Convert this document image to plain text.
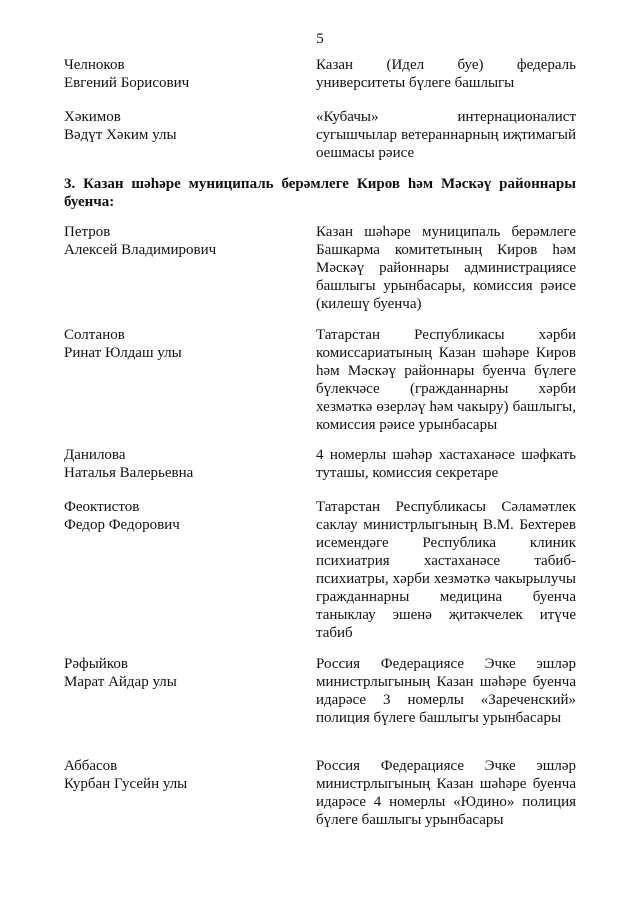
5
Челноков
Евгений Борисович
Казан (Идел буе) федераль университеты бүлеге башлыгы
Хәкимов
Вәдүт Хәким улы
«Кубачы» интернационалист сугышчылар ветераннарның иҗтимагый оешмасы рәисе
3. Казан шәһәре муниципаль берәмлеге Киров һәм Мәскәү районнары буенча:
Петров
Алексей Владимирович
Казан шәһәре муниципаль берәмлеге Башкарма комитетының Киров һәм Мәскәү районнары администрациясе башлыгы урынбасары, комиссия рәисе (килешү буенча)
Солтанов
Ринат Юлдаш улы
Татарстан Республикасы хәрби комиссариатының Казан шәһәре Киров һәм Мәскәү районнары буенча бүлеге бүлекчәсе (гражданнарны хәрби хезмәткә өзерләү һәм чакыру) башлыгы, комиссия рәисе урынбасары
Данилова
Наталья Валерьевна
4 номерлы шәһәр хастаханәсе шәфкать туташы, комиссия секретаре
Феоктистов
Федор Федорович
Татарстан Республикасы Сәламәтлек саклау министрлыгының В.М. Бехтерев исемендәге Республика клиник психиатрия хастаханәсе табиб-психиатры, хәрби хезмәткә чакырылучы гражданнарны медицина буенча таныклау эшенә җитәкчелек итүче табиб
Рәфыйков
Марат Айдар улы
Россия Федерациясе Эчке эшләр министрлыгының Казан шәһәре буенча идарәсе 3 номерлы «Зареченский» полиция бүлеге башлыгы урынбасары
Аббасов
Курбан Гусейн улы
Россия Федерациясе Эчке эшләр министрлыгының Казан шәһәре буенча идарәсе 4 номерлы «Юдино» полиция бүлеге башлыгы урынбасары
